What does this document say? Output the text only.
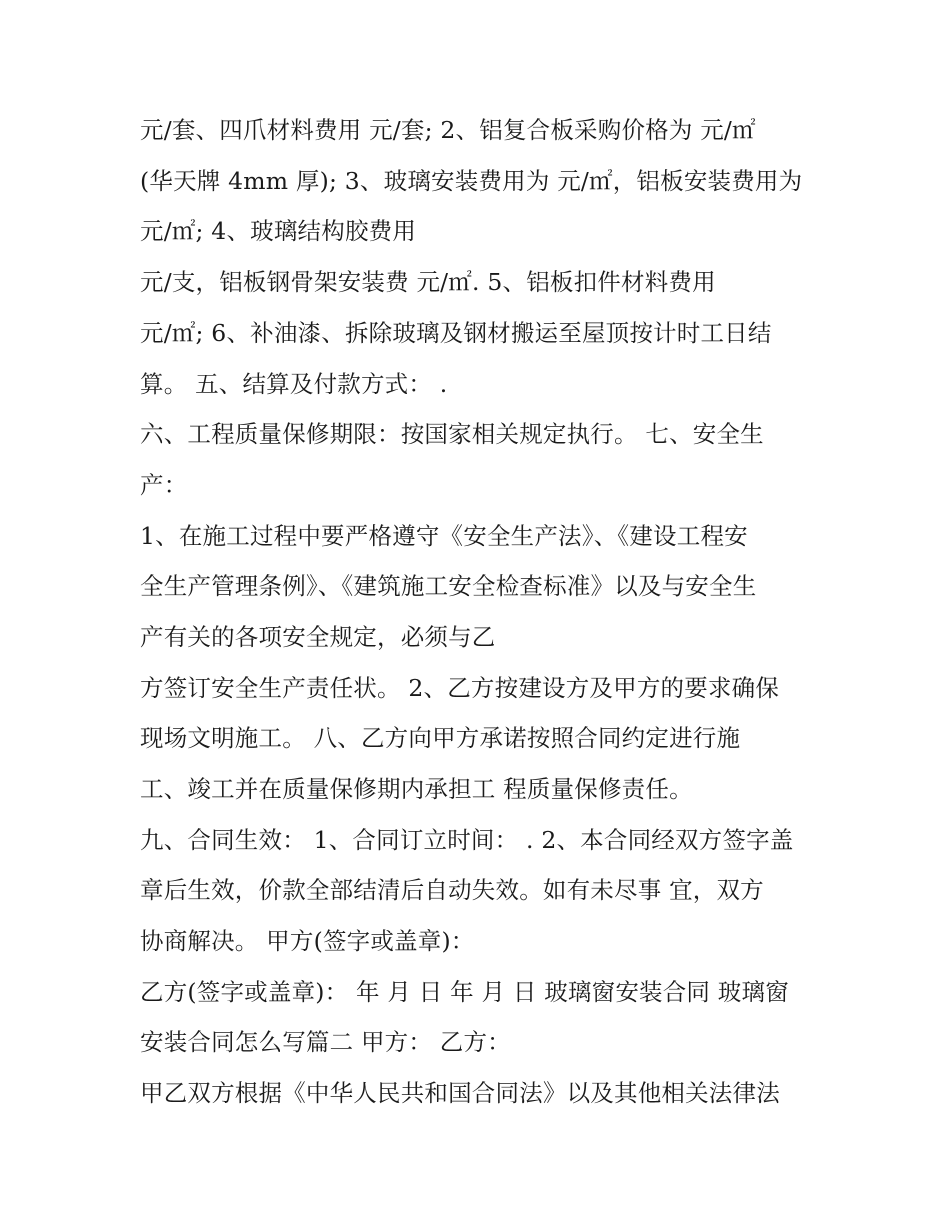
元/套、四爪材料费用 元/套; 2、铝复合板采购价格为 元/㎡

(华天牌 4mm 厚); 3、玻璃安装费用为 元/㎡，铝板安装费用为

元/㎡; 4、玻璃结构胶费用

元/支，铝板钢骨架安装费 元/㎡. 5、铝板扣件材料费用

元/㎡; 6、补油漆、拆除玻璃及钢材搬运至屋顶按计时工日结

算。 五、结算及付款方式： .

六、工程质量保修期限：按国家相关规定执行。 七、安全生

产：

1、在施工过程中要严格遵守《安全生产法》、《建设工程安

全生产管理条例》、《建筑施工安全检查标准》以及与安全生

产有关的各项安全规定，必须与乙

方签订安全生产责任状。 2、乙方按建设方及甲方的要求确保

现场文明施工。 八、乙方向甲方承诺按照合同约定进行施

工、竣工并在质量保修期内承担工 程质量保修责任。

九、合同生效： 1、合同订立时间： . 2、本合同经双方签字盖

章后生效，价款全部结清后自动失效。如有未尽事 宜，双方

协商解决。 甲方(签字或盖章)：

乙方(签字或盖章)： 年 月 日 年 月 日 玻璃窗安装合同 玻璃窗

安装合同怎么写篇二 甲方： 乙方：

甲乙双方根据《中华人民共和国合同法》以及其他相关法律法
